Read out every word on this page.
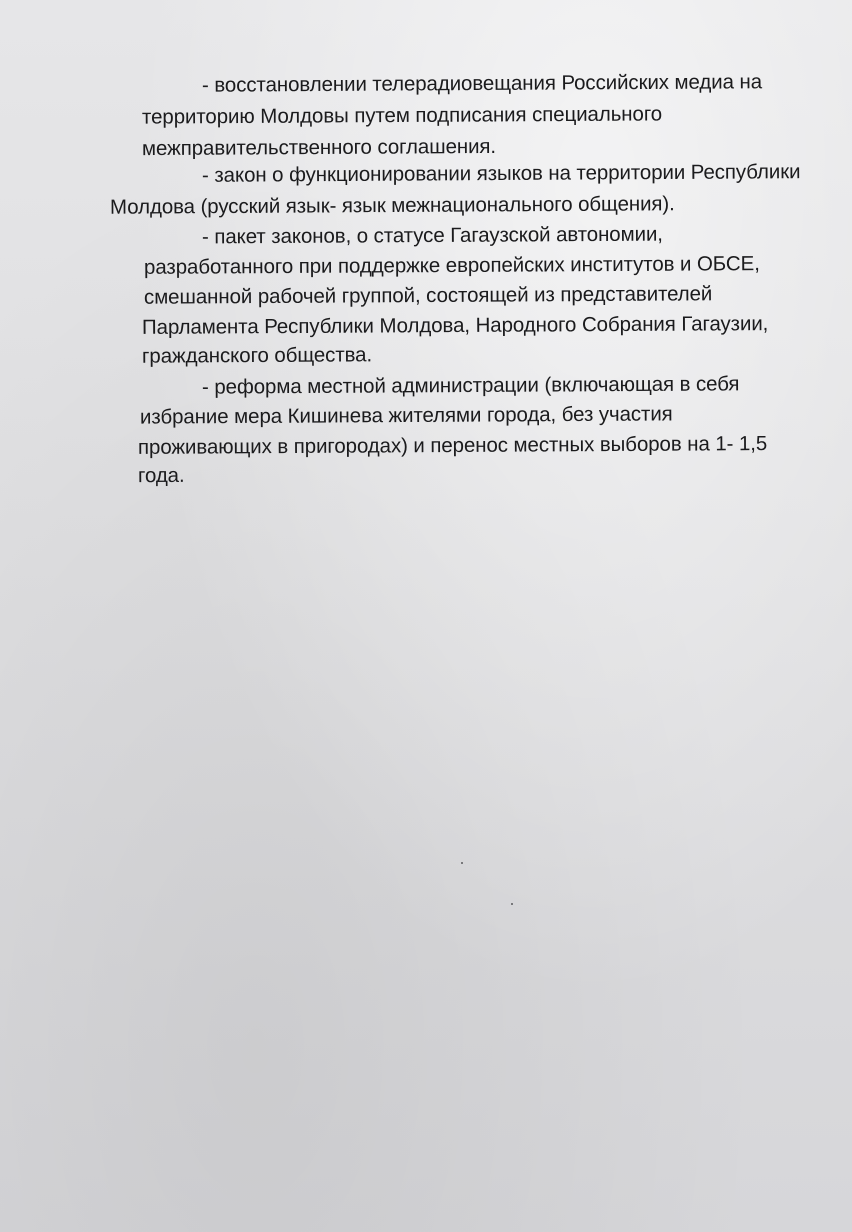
- восстановлении телерадиовещания Российских медиа на
территорию Молдовы путем подписания специального
межправительственного соглашения.
- закон о функционировании языков на территории Республики
Молдова (русский язык- язык межнационального общения).
- пакет законов, о статусе Гагаузской автономии,
разработанного при поддержке европейских институтов и ОБСЕ,
смешанной рабочей группой, состоящей из представителей
Парламента Республики Молдова, Народного Собрания Гагаузии,
гражданского общества.
- реформа местной администрации (включающая в себя
избрание мера Кишинева жителями города, без участия
проживающих в пригородах) и перенос местных выборов на 1- 1,5
года.
